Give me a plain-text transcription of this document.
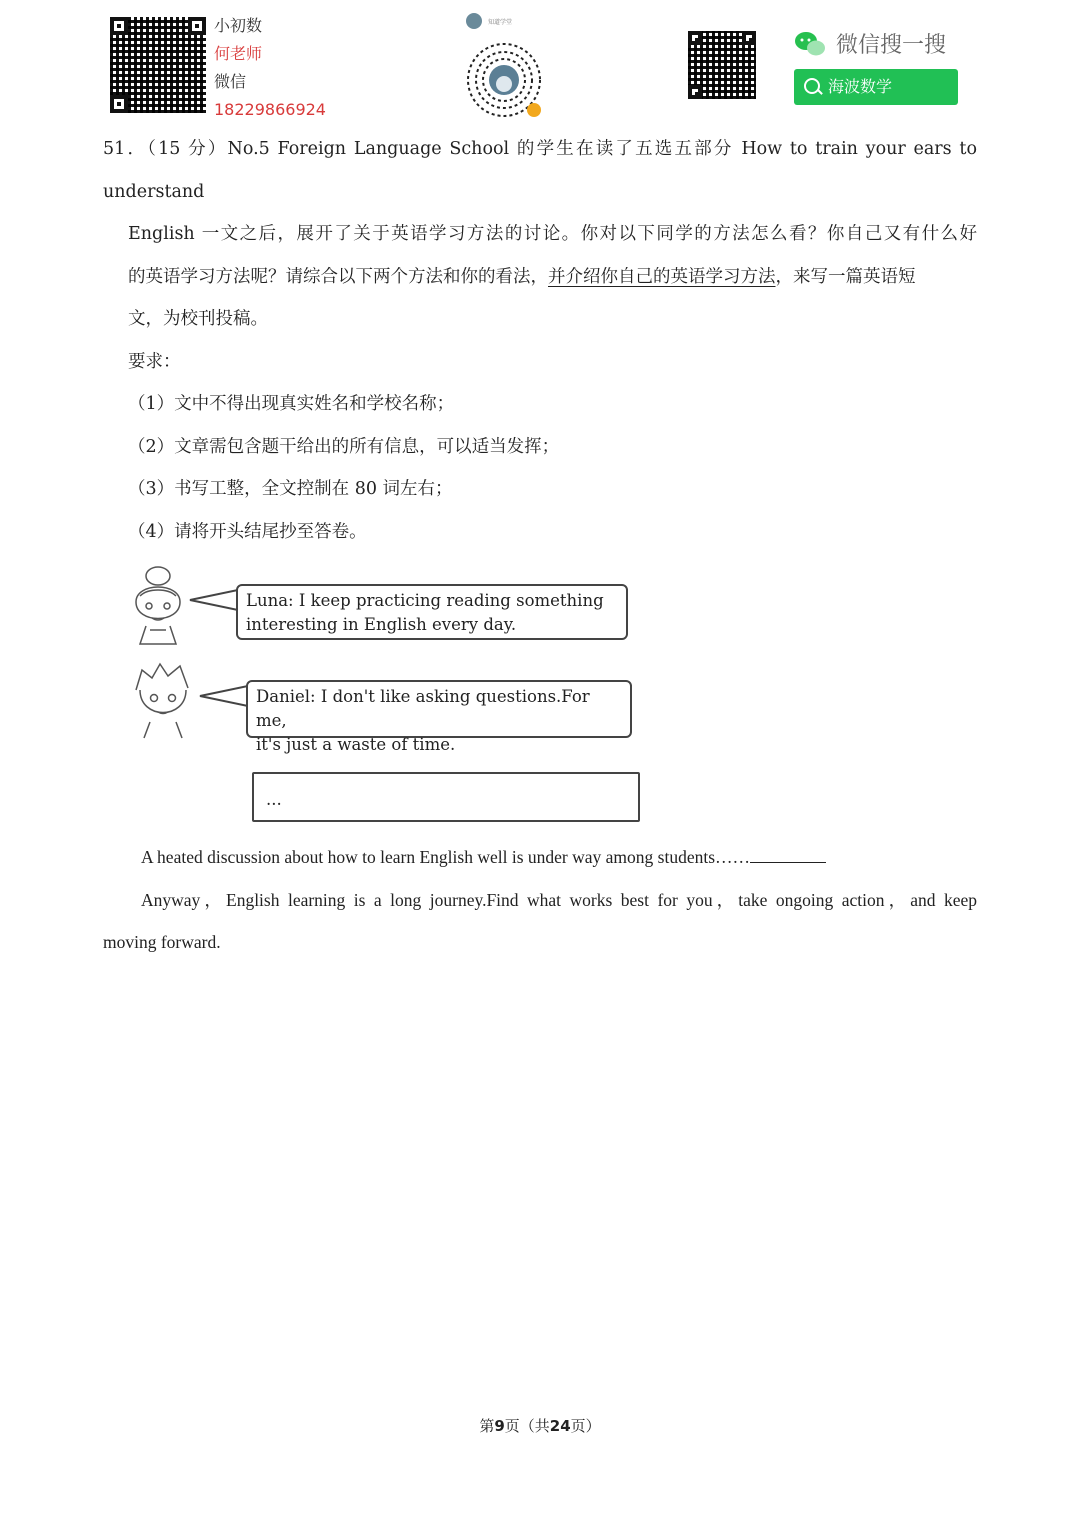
小初数
何老师
微信
18229866924
知道学堂
微信搜一搜
海波数学

51．（15 分）No.5 Foreign Language School 的学生在读了五选五部分 How to train your ears to understand

English 一文之后，展开了关于英语学习方法的讨论。你对以下同学的方法怎么看？你自己又有什么好

的英语学习方法呢？请综合以下两个方法和你的看法，并介绍你自己的英语学习方法，来写一篇英语短

文，为校刊投稿。

要求：

（1）文中不得出现真实姓名和学校名称；

（2）文章需包含题干给出的所有信息，可以适当发挥；

（3）书写工整，全文控制在 80 词左右；

（4）请将开头结尾抄至答卷。

Luna: I keep practicing reading something
interesting in English every day.
Daniel: I don't like asking questions.For me,
it's just a waste of time.
...

A heated discussion about how to learn English well is under way among students……

Anyway，English learning is a long journey.Find what works best for you，take ongoing action，and keep

moving forward.

第9页（共24页）
